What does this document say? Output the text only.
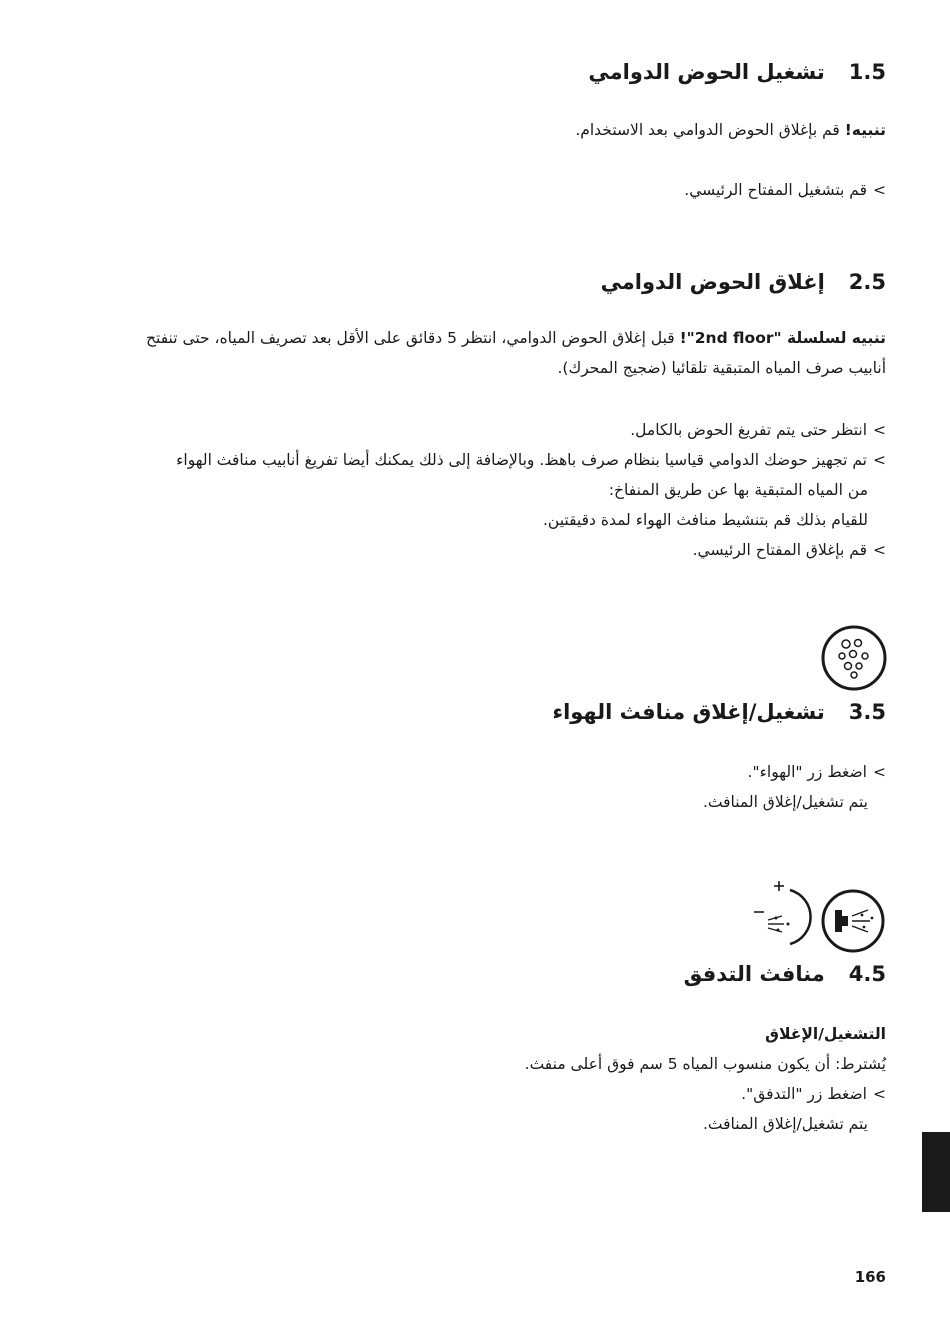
1.5تشغيل الحوض الدوامي
تنبيه! قم بإغلاق الحوض الدوامي بعد الاستخدام.
>قم بتشغيل المفتاح الرئيسي.
2.5إغلاق الحوض الدوامي
تنبيه لسلسلة "2nd floor"! قبل إغلاق الحوض الدوامي، انتظر 5 دقائق على الأقل بعد تصريف المياه، حتى تنفتح
أنابيب صرف المياه المتبقية تلقائيا (ضجيج المحرك).
>انتظر حتى يتم تفريغ الحوض بالكامل.
>تم تجهيز حوضك الدوامي قياسيا بنظام صرف باهظ. وبالإضافة إلى ذلك يمكنك أيضا تفريغ أنابيب منافث الهواء
من المياه المتبقية بها عن طريق المنفاخ:
للقيام بذلك قم بتنشيط منافث الهواء لمدة دقيقتين.
>قم بإغلاق المفتاح الرئيسي.
3.5تشغيل/إغلاق منافث الهواء
>اضغط زر "الهواء".
يتم تشغيل/إغلاق المنافث.
4.5منافث التدفق
التشغيل/الإغلاق
يُشترط: أن يكون منسوب المياه 5 سم فوق أعلى منفث.
>اضغط زر "التدفق".
يتم تشغيل/إغلاق المنافث.
166
